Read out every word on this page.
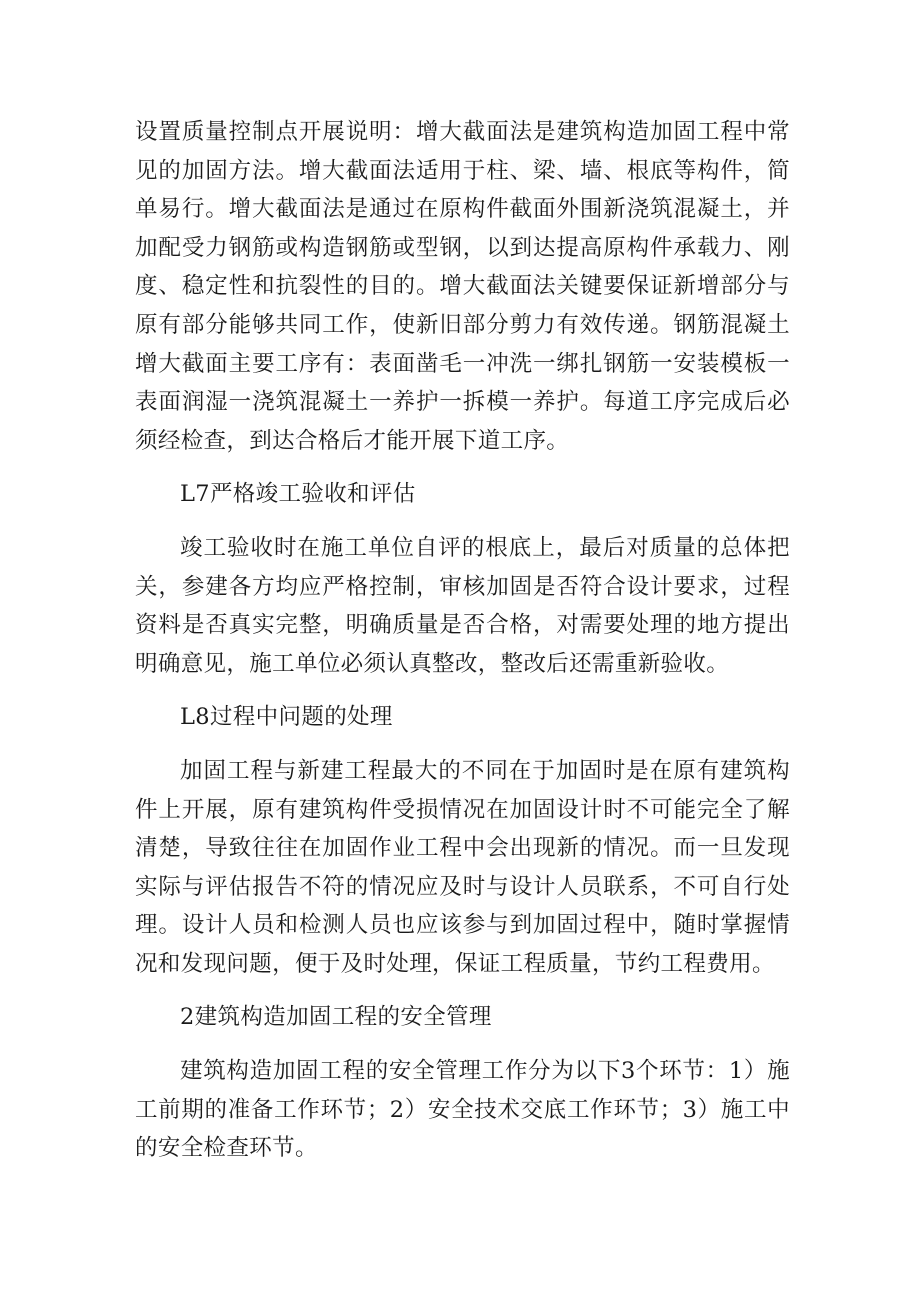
设置质量控制点开展说明：增大截面法是建筑构造加固工程中常见的加固方法。增大截面法适用于柱、梁、墙、根底等构件，简单易行。增大截面法是通过在原构件截面外围新浇筑混凝土，并加配受力钢筋或构造钢筋或型钢，以到达提高原构件承载力、刚度、稳定性和抗裂性的目的。增大截面法关键要保证新增部分与原有部分能够共同工作，使新旧部分剪力有效传递。钢筋混凝土增大截面主要工序有：表面凿毛一冲洗一绑扎钢筋一安装模板一表面润湿一浇筑混凝土一养护一拆模一养护。每道工序完成后必须经检查，到达合格后才能开展下道工序。

L7严格竣工验收和评估

竣工验收时在施工单位自评的根底上，最后对质量的总体把关，参建各方均应严格控制，审核加固是否符合设计要求，过程资料是否真实完整，明确质量是否合格，对需要处理的地方提出明确意见，施工单位必须认真整改，整改后还需重新验收。

L8过程中问题的处理

加固工程与新建工程最大的不同在于加固时是在原有建筑构件上开展，原有建筑构件受损情况在加固设计时不可能完全了解清楚，导致往往在加固作业工程中会出现新的情况。而一旦发现实际与评估报告不符的情况应及时与设计人员联系，不可自行处理。设计人员和检测人员也应该参与到加固过程中，随时掌握情况和发现问题，便于及时处理，保证工程质量，节约工程费用。

2建筑构造加固工程的安全管理

建筑构造加固工程的安全管理工作分为以下3个环节：1）施工前期的准备工作环节；2）安全技术交底工作环节；3）施工中的安全检查环节。
